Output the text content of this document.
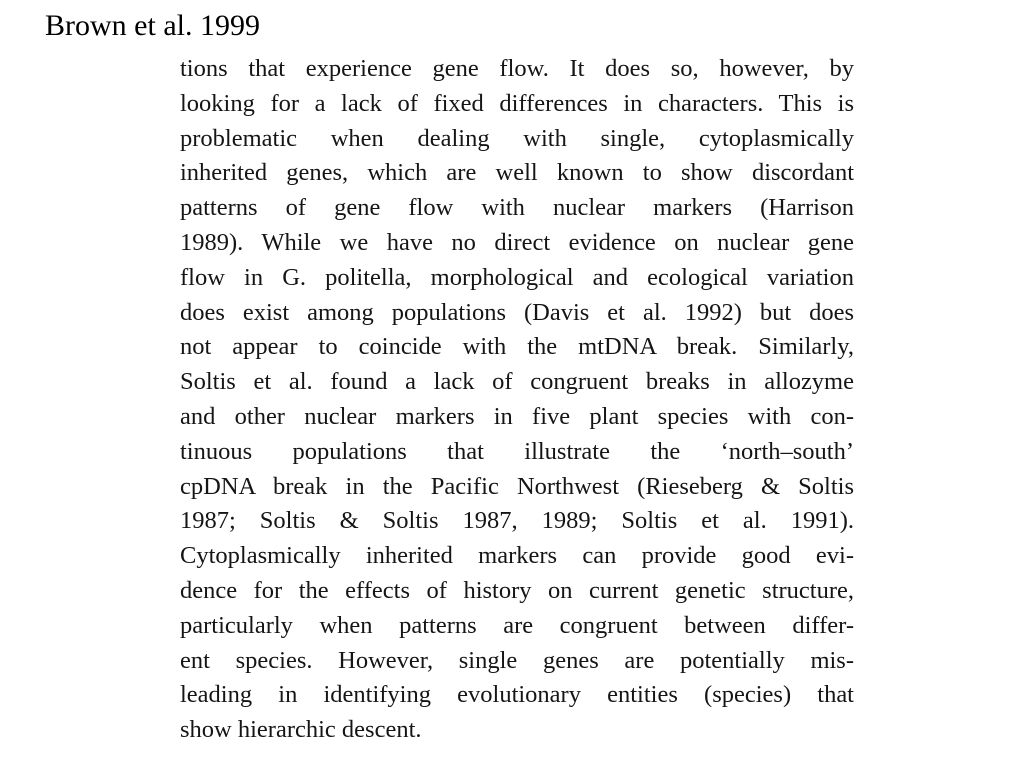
Brown et al. 1999
tions that experience gene flow. It does so, however, by
looking for a lack of fixed differences in characters. This is
problematic when dealing with single, cytoplasmically
inherited genes, which are well known to show discordant
patterns of gene flow with nuclear markers (Harrison
1989). While we have no direct evidence on nuclear gene
flow in G. politella, morphological and ecological variation
does exist among populations (Davis et al. 1992) but does
not appear to coincide with the mtDNA break. Similarly,
Soltis et al. found a lack of congruent breaks in allozyme
and other nuclear markers in five plant species with con-
tinuous populations that illustrate the ‘north–south’
cpDNA break in the Pacific Northwest (Rieseberg & Soltis
1987; Soltis & Soltis 1987, 1989; Soltis et al. 1991).
Cytoplasmically inherited markers can provide good evi-
dence for the effects of history on current genetic structure,
particularly when patterns are congruent between differ-
ent species. However, single genes are potentially mis-
leading in identifying evolutionary entities (species) that
show hierarchic descent.
